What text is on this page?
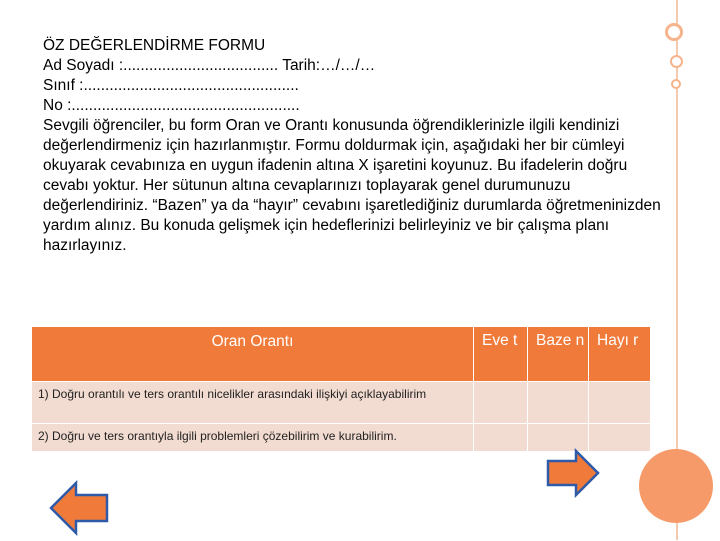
ÖZ DEĞERLENDİRME FORMU
Ad Soyadı :.................................... Tarih:…/…/…
Sınıf :..................................................
No :.....................................................
Sevgili öğrenciler, bu form Oran ve Orantı konusunda öğrendiklerinizle ilgili kendinizi değerlendirmeniz için hazırlanmıştır. Formu doldurmak için, aşağıdaki her bir cümleyi okuyarak cevabınıza en uygun ifadenin altına X işaretini koyunuz. Bu ifadelerin doğru cevabı yoktur. Her sütunun altına cevaplarınızı toplayarak genel durumunuzu değerlendiriniz. “Bazen” ya da “hayır” cevabını işaretlediğiniz durumlarda öğretmeninizden yardım alınız. Bu konuda gelişmek için hedeflerinizi belirleyiniz ve bir çalışma planı hazırlayınız.
Oran Orantı	Eve t	Baze n	Hayı r
1) Doğru orantılı ve ters orantılı nicelikler arasındaki ilişkiyi açıklayabilirim			
2) Doğru ve ters orantıyla ilgili problemleri çözebilirim ve kurabilirim.			
